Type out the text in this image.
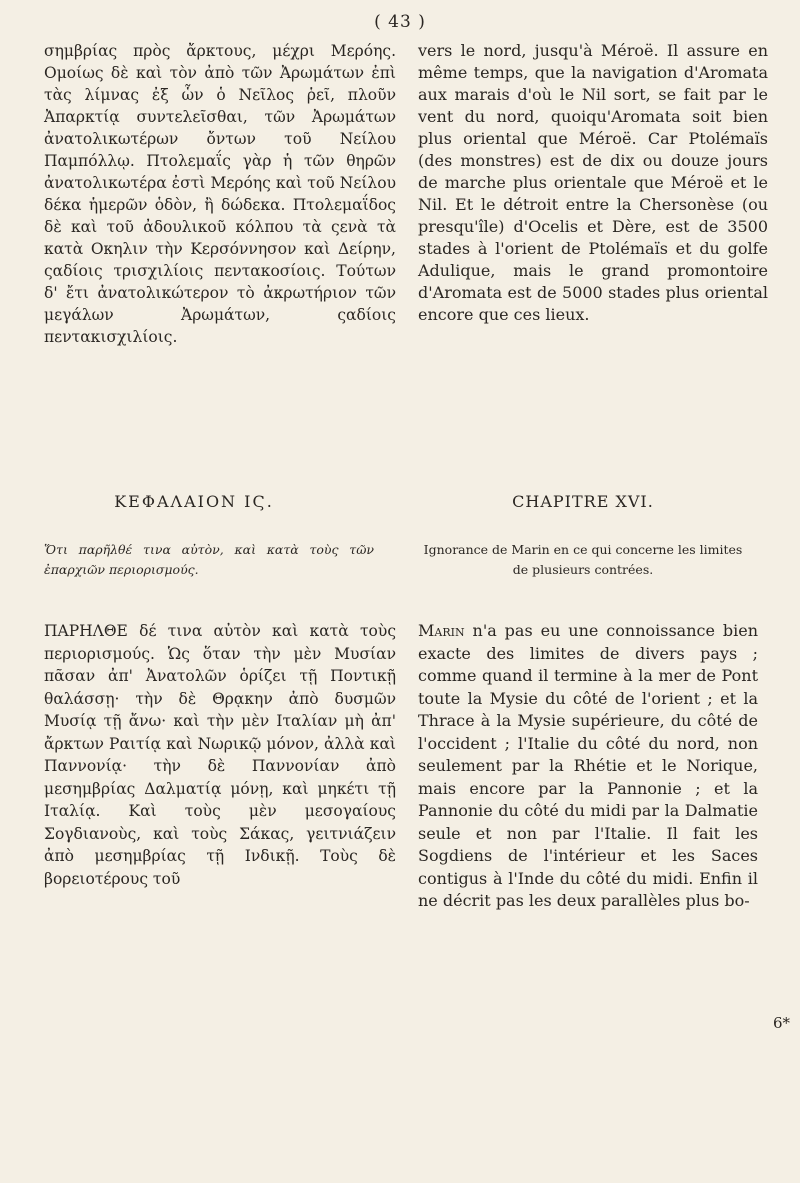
( 43 )

σημβρίας πρὸς ἄρκτους, μέχρι Μερόης. Ομοίως δὲ καὶ τὸν ἀπὸ τῶν Ἀρωμάτων ἐπὶ τὰς λίμνας ἐξ ὧν ὁ Νεῖλος ῥεῖ, πλοῦν Ἀπαρκτίᾳ συντελεῖσθαι, τῶν Ἀρωμάτων ἀνατολικωτέρων ὄντων τοῦ Νείλου Παμπόλλῳ. Πτολεμαΐς γὰρ ἡ τῶν θηρῶν ἀνατολικωτέρα ἐστὶ Μερόης καὶ τοῦ Νείλου δέκα ἡμερῶν ὁδὸν, ἢ δώδεκα. Πτολεμαΐδος δὲ καὶ τοῦ ἀδουλικοῦ κόλπου τὰ ςενὰ τὰ κατὰ Οκηλιν τὴν Κερσόννησον καὶ Δείρην, ςαδίοις τρισχιλίοις πεντακοσίοις. Τούτων δ' ἔτι ἀνατολικώτερον τὸ ἀκρωτήριον τῶν μεγάλων Ἀρωμάτων, ςαδίοις πεντακισχιλίοις.

ΚΕΦΑΛΑΙΟΝ ΙϚ.
Ὅτι παρῆλθέ τινα αὐτὸν, καὶ κατὰ τοὺς τῶν ἐπαρχιῶν περιορισμούς.

ΠΑΡΗΛΘΕ δέ τινα αὐτὸν καὶ κατὰ τοὺς περιορισμούς. Ὡς ὅταν τὴν μὲν Μυσίαν πᾶσαν ἀπ' Ἀνατολῶν ὁρίζει τῇ Ποντικῇ θαλάσσῃ· τὴν δὲ Θρᾳκην ἀπὸ δυσμῶν Μυσίᾳ τῇ ἄνω· καὶ τὴν μὲν Ιταλίαν μὴ ἀπ' ἄρκτων Ραιτίᾳ καὶ Νωρικῷ μόνον, ἀλλὰ καὶ Παννονίᾳ· τὴν δὲ Παννονίαν ἀπὸ μεσημβρίας Δαλματίᾳ μόνῃ, καὶ μηκέτι τῇ Ιταλίᾳ. Καὶ τοὺς μὲν μεσογαίους Σογδιανοὺς, καὶ τοὺς Σάκας, γειτνιάζειν ἀπὸ μεσημβρίας τῇ Ινδικῇ. Τοὺς δὲ βορειοτέρους τοῦ

vers le nord, jusqu'à Méroë. Il assure en même temps, que la navigation d'Aromata aux marais d'où le Nil sort, se fait par le vent du nord, quoiqu'Aromata soit bien plus oriental que Méroë. Car Ptolémaïs (des monstres) est de dix ou douze jours de marche plus orientale que Méroë et le Nil. Et le détroit entre la Chersonèse (ou presqu'île) d'Ocelis et Dère, est de 3500 stades à l'orient de Ptolémaïs et du golfe Adulique, mais le grand promontoire d'Aromata est de 5000 stades plus oriental encore que ces lieux.

CHAPITRE XVI.
Ignorance de Marin en ce qui concerne les limites de plusieurs contrées.

Marin n'a pas eu une connoissance bien exacte des limites de divers pays ; comme quand il termine à la mer de Pont toute la Mysie du côté de l'orient ; et la Thrace à la Mysie supérieure, du côté de l'occident ; l'Italie du côté du nord, non seulement par la Rhétie et le Norique, mais encore par la Pannonie ; et la Pannonie du côté du midi par la Dalmatie seule et non par l'Italie. Il fait les Sogdiens de l'intérieur et les Saces contigus à l'Inde du côté du midi. Enfin il ne décrit pas les deux parallèles plus bo-

6*
